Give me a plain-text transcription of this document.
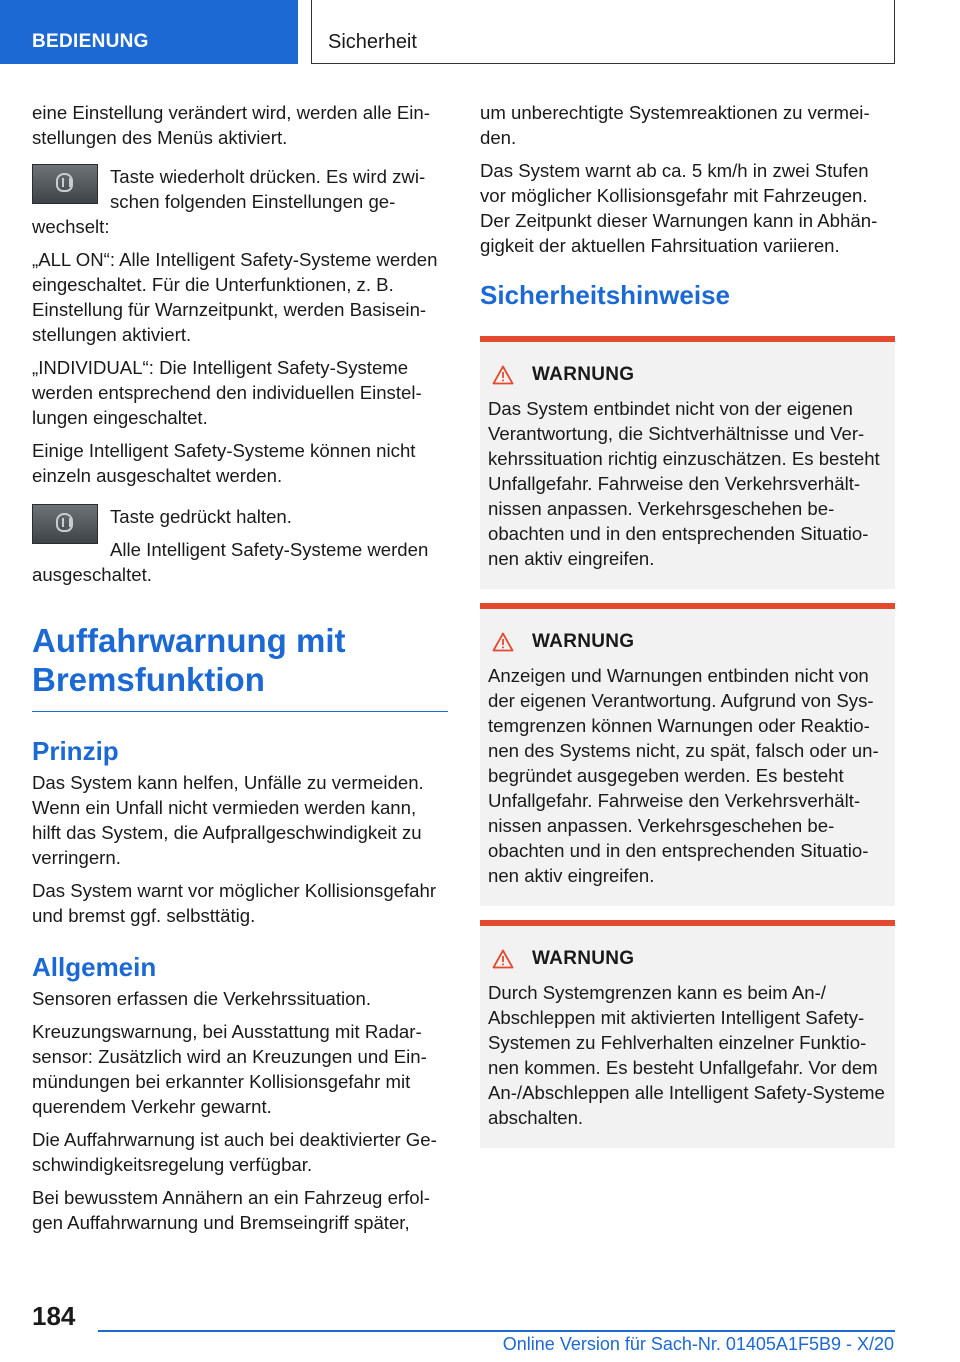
BEDIENUNG	Sicherheit

eine Einstellung verändert wird, werden alle Einstellungen des Menüs aktiviert.

Taste wiederholt drücken. Es wird zwischen folgenden Einstellungen gewechselt:

„ALL ON“: Alle Intelligent Safety-Systeme werden eingeschaltet. Für die Unterfunktionen, z. B. Einstellung für Warnzeitpunkt, werden Basiseinstellungen aktiviert.

„INDIVIDUAL“: Die Intelligent Safety-Systeme werden entsprechend den individuellen Einstellungen eingeschaltet.

Einige Intelligent Safety-Systeme können nicht einzeln ausgeschaltet werden.

Taste gedrückt halten.

Alle Intelligent Safety-Systeme werden ausgeschaltet.

Auffahrwarnung mit Bremsfunktion
Prinzip

Das System kann helfen, Unfälle zu vermeiden. Wenn ein Unfall nicht vermieden werden kann, hilft das System, die Aufprallgeschwindigkeit zu verringern.

Das System warnt vor möglicher Kollisionsgefahr und bremst ggf. selbsttätig.

Allgemein

Sensoren erfassen die Verkehrssituation.

Kreuzungswarnung, bei Ausstattung mit Radarsensor: Zusätzlich wird an Kreuzungen und Einmündungen bei erkannter Kollisionsgefahr mit querendem Verkehr gewarnt.

Die Auffahrwarnung ist auch bei deaktivierter Geschwindigkeitsregelung verfügbar.

Bei bewusstem Annähern an ein Fahrzeug erfolgen Auffahrwarnung und Bremseingriff später,

um unberechtigte Systemreaktionen zu vermeiden.

Das System warnt ab ca. 5 km/h in zwei Stufen vor möglicher Kollisionsgefahr mit Fahrzeugen. Der Zeitpunkt dieser Warnungen kann in Abhängigkeit der aktuellen Fahrsituation variieren.

Sicherheitshinweise
WARNUNG

Das System entbindet nicht von der eigenen Verantwortung, die Sichtverhältnisse und Verkehrssituation richtig einzuschätzen. Es besteht Unfallgefahr. Fahrweise den Verkehrsverhältnissen anpassen. Verkehrsgeschehen beobachten und in den entsprechenden Situationen aktiv eingreifen.

WARNUNG

Anzeigen und Warnungen entbinden nicht von der eigenen Verantwortung. Aufgrund von Systemgrenzen können Warnungen oder Reaktionen des Systems nicht, zu spät, falsch oder unbegründet ausgegeben werden. Es besteht Unfallgefahr. Fahrweise den Verkehrsverhältnissen anpassen. Verkehrsgeschehen beobachten und in den entsprechenden Situationen aktiv eingreifen.

WARNUNG

Durch Systemgrenzen kann es beim An-/ Abschleppen mit aktivierten Intelligent Safety-Systemen zu Fehlverhalten einzelner Funktionen kommen. Es besteht Unfallgefahr. Vor dem An-/Abschleppen alle Intelligent Safety-Systeme abschalten.

184
Online Version für Sach-Nr. 01405A1F5B9 - X/20
